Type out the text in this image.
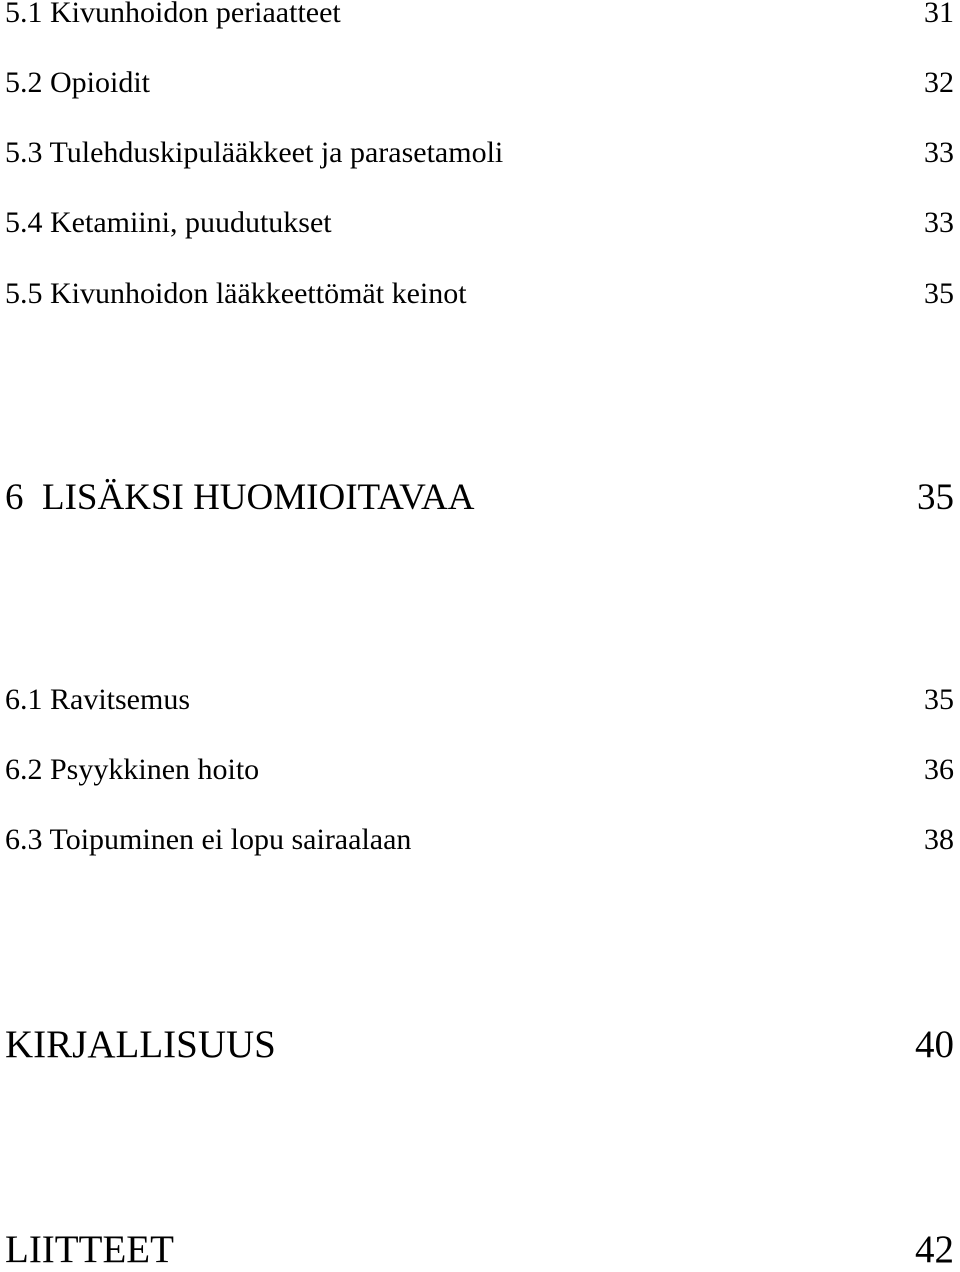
5.1 Kivunhoidon periaatteet	31
5.2 Opioidit	32
5.3 Tulehduskipulääkkeet ja parasetamoli	33
5.4 Ketamiini, puudutukset	33
5.5 Kivunhoidon lääkkeettömät keinot	35
6  LISÄKSI HUOMIOITAVAA	35
6.1 Ravitsemus	35
6.2 Psyykkinen hoito	36
6.3 Toipuminen ei lopu sairaalaan	38
KIRJALLISUUS	40
LIITTEET	42
